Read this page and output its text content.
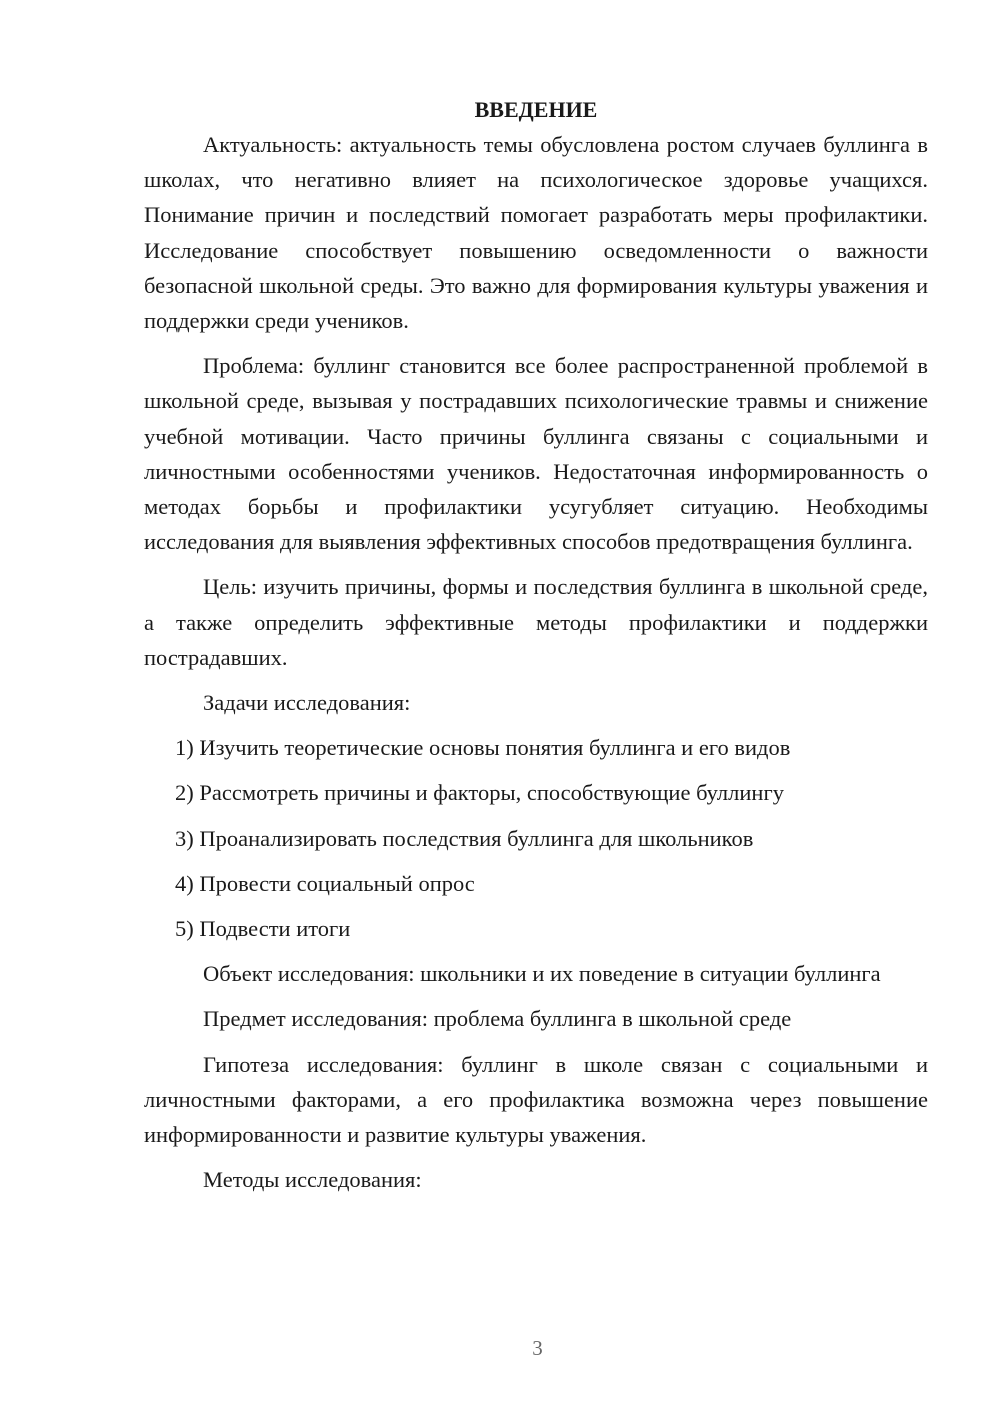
ВВЕДЕНИЕ

Актуальность: актуальность темы обусловлена ростом случаев буллинга в школах, что негативно влияет на психологическое здоровье учащихся. Понимание причин и последствий помогает разработать меры профилактики. Исследование способствует повышению осведомленности о важности безопасной школьной среды. Это важно для формирования культуры уважения и поддержки среди учеников.

Проблема: буллинг становится все более распространенной проблемой в школьной среде, вызывая у пострадавших психологические травмы и снижение учебной мотивации. Часто причины буллинга связаны с социальными и личностными особенностями учеников. Недостаточная информированность о методах борьбы и профилактики усугубляет ситуацию. Необходимы исследования для выявления эффективных способов предотвращения буллинга.

Цель: изучить причины, формы и последствия буллинга в школьной среде, а также определить эффективные методы профилактики и поддержки пострадавших.

Задачи исследования:

1) Изучить теоретические основы понятия буллинга и его видов
2) Рассмотреть причины и факторы, способствующие буллингу
3) Проанализировать последствия буллинга для школьников
4) Провести социальный опрос
5) Подвести итоги

Объект исследования: школьники и их поведение в ситуации буллинга

Предмет исследования: проблема буллинга в школьной среде

Гипотеза исследования: буллинг в школе связан с социальными и личностными факторами, а его профилактика возможна через повышение информированности и развитие культуры уважения.

Методы исследования:

3
